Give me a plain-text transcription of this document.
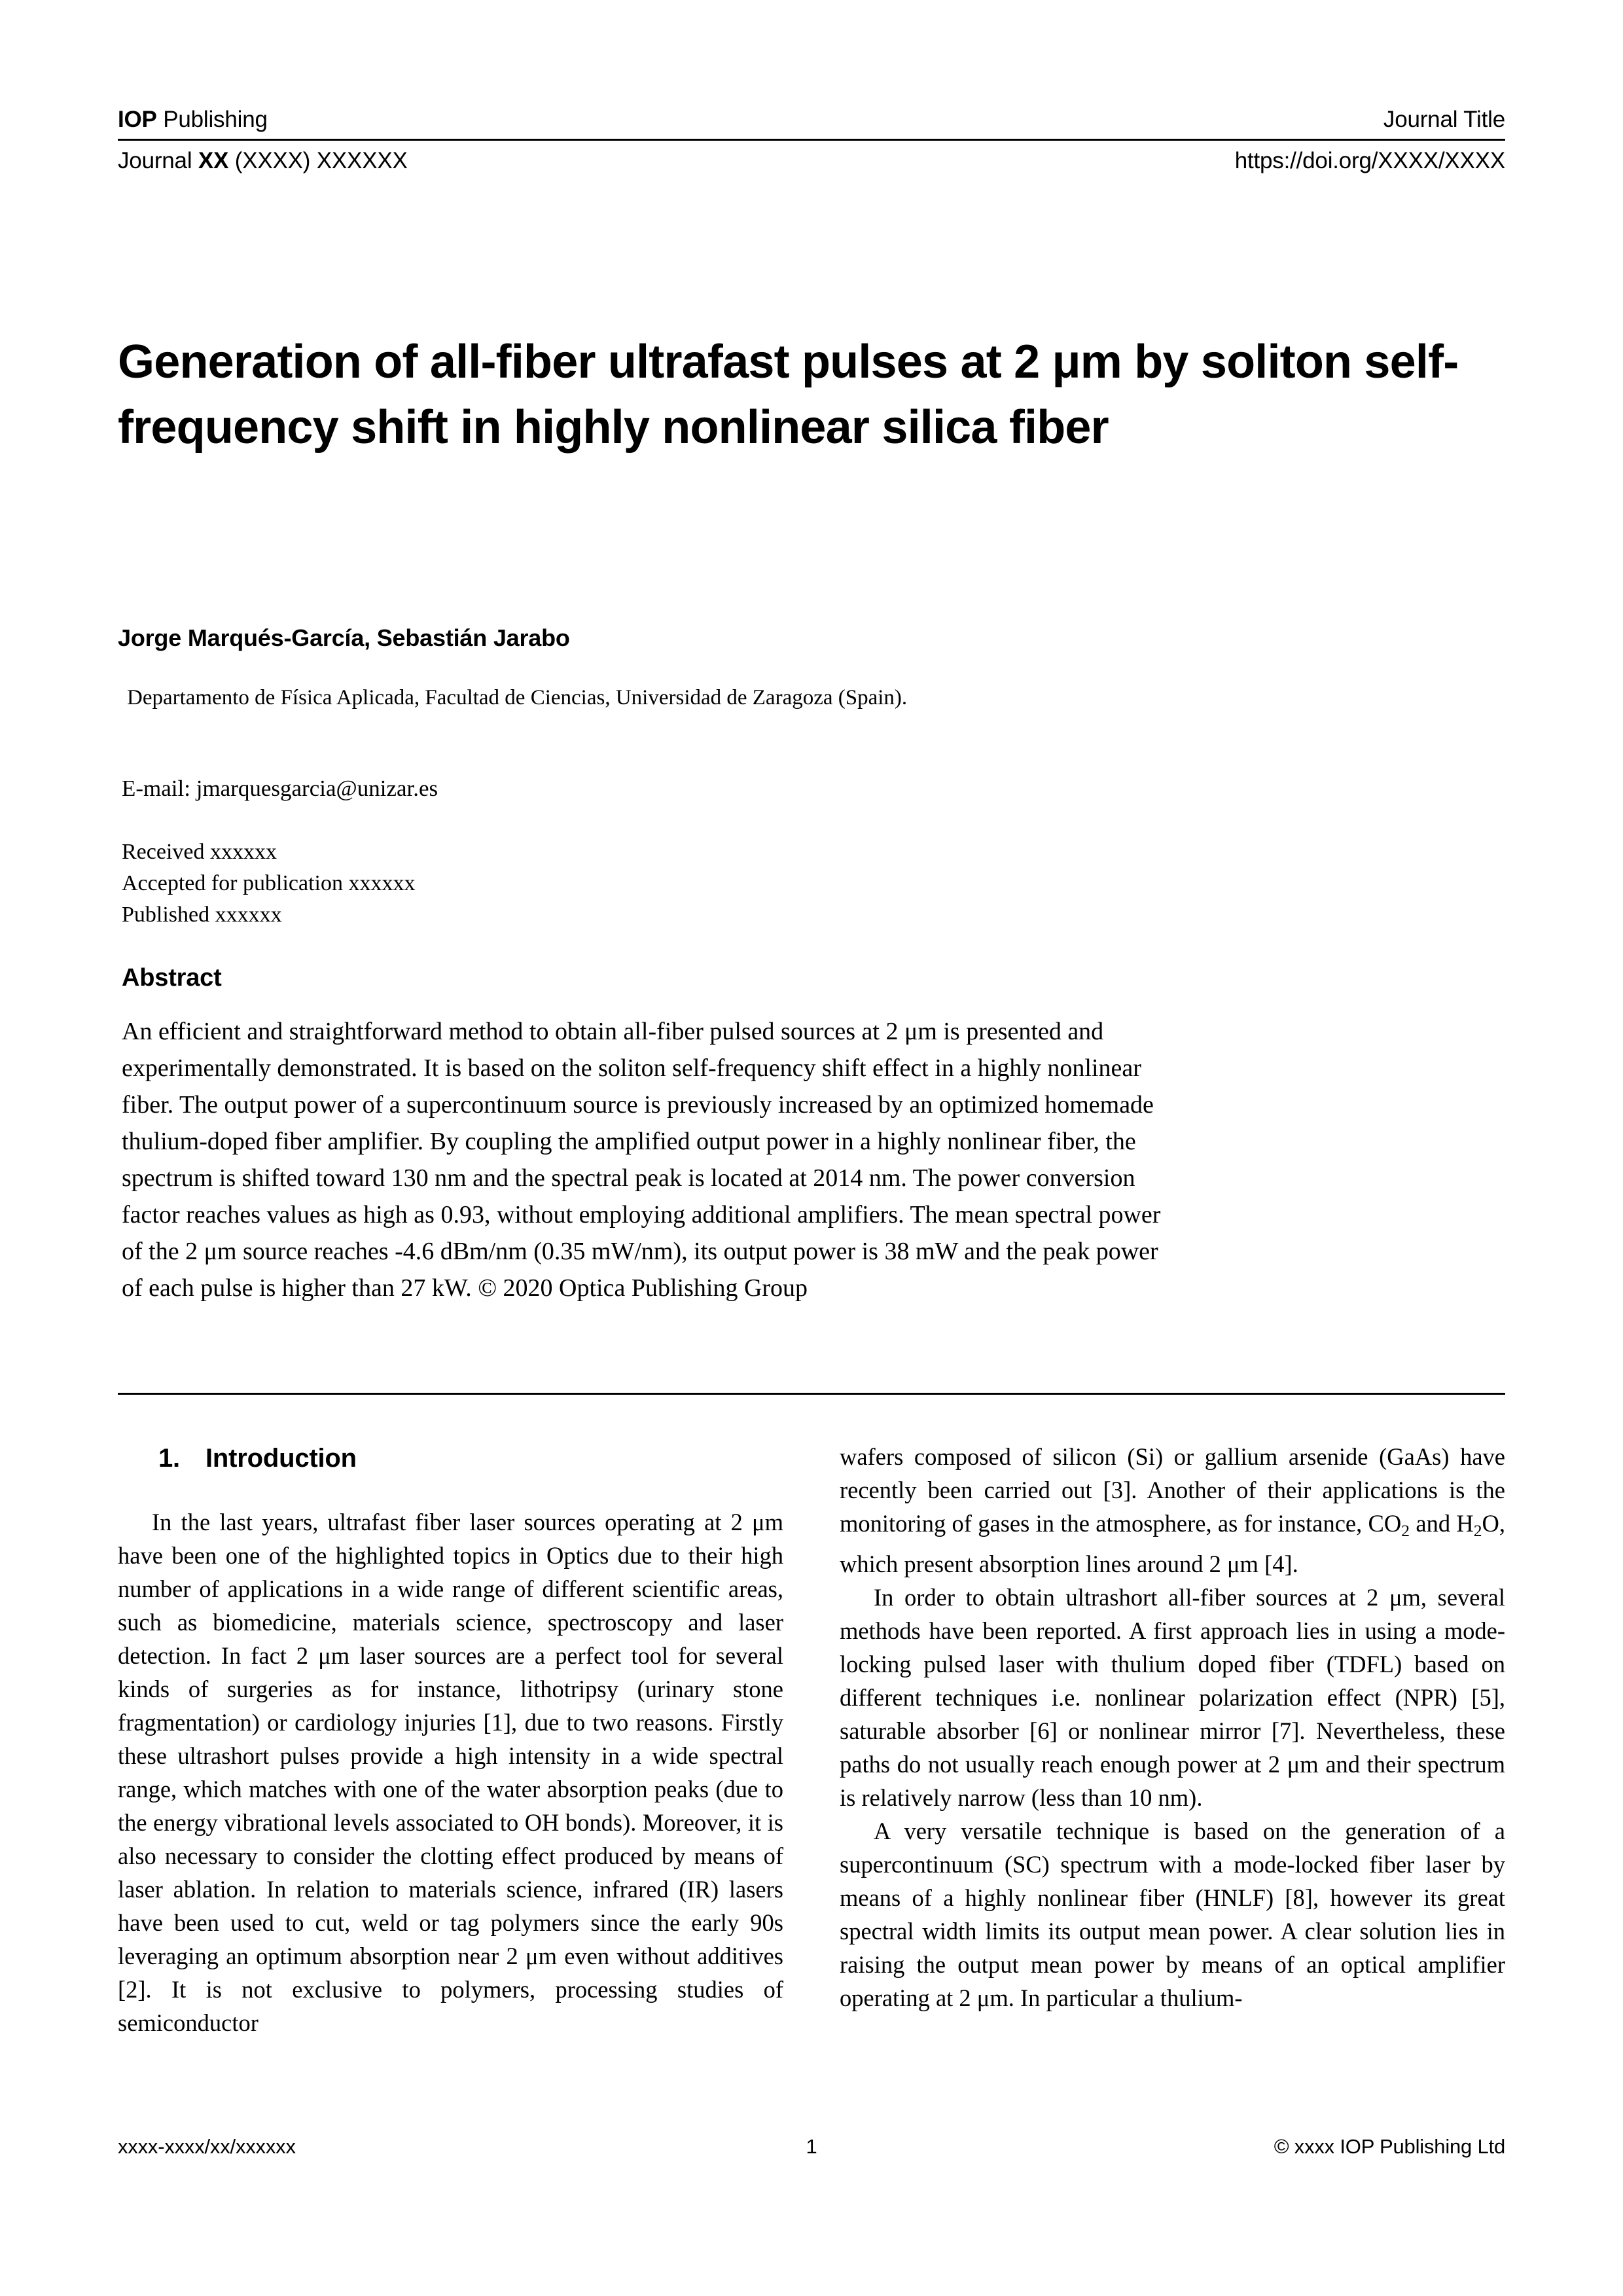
IOP Publishing	Journal Title
Journal XX (XXXX) XXXXXX	https://doi.org/XXXX/XXXX
Generation of all-fiber ultrafast pulses at 2 μm by soliton self-frequency shift in highly nonlinear silica fiber
Jorge Marqués-García, Sebastián Jarabo
Departamento de Física Aplicada, Facultad de Ciencias, Universidad de Zaragoza (Spain).
E-mail: jmarquesgarcia@unizar.es
Received xxxxxx
Accepted for publication xxxxxx
Published xxxxxx
Abstract
An efficient and straightforward method to obtain all-fiber pulsed sources at 2 μm is presented and experimentally demonstrated. It is based on the soliton self-frequency shift effect in a highly nonlinear fiber. The output power of a supercontinuum source is previously increased by an optimized homemade thulium-doped fiber amplifier. By coupling the amplified output power in a highly nonlinear fiber, the spectrum is shifted toward 130 nm and the spectral peak is located at 2014 nm. The power conversion factor reaches values as high as 0.93, without employing additional amplifiers. The mean spectral power of the 2 μm source reaches -4.6 dBm/nm (0.35 mW/nm), its output power is 38 mW and the peak power of each pulse is higher than 27 kW. © 2020 Optica Publishing Group
1. Introduction

In the last years, ultrafast fiber laser sources operating at 2 μm have been one of the highlighted topics in Optics due to their high number of applications in a wide range of different scientific areas, such as biomedicine, materials science, spectroscopy and laser detection. In fact 2 μm laser sources are a perfect tool for several kinds of surgeries as for instance, lithotripsy (urinary stone fragmentation) or cardiology injuries [1], due to two reasons. Firstly these ultrashort pulses provide a high intensity in a wide spectral range, which matches with one of the water absorption peaks (due to the energy vibrational levels associated to OH bonds). Moreover, it is also necessary to consider the clotting effect produced by means of laser ablation. In relation to materials science, infrared (IR) lasers have been used to cut, weld or tag polymers since the early 90s leveraging an optimum absorption near 2 μm even without additives [2]. It is not exclusive to polymers, processing studies of semiconductor

wafers composed of silicon (Si) or gallium arsenide (GaAs) have recently been carried out [3]. Another of their applications is the monitoring of gases in the atmosphere, as for instance, $CO_2$ and $H_2O$, which present absorption lines around 2 μm [4].

In order to obtain ultrashort all-fiber sources at 2 μm, several methods have been reported. A first approach lies in using a mode-locking pulsed laser with thulium doped fiber (TDFL) based on different techniques i.e. nonlinear polarization effect (NPR) [5], saturable absorber [6] or nonlinear mirror [7]. Nevertheless, these paths do not usually reach enough power at 2 μm and their spectrum is relatively narrow (less than 10 nm).

A very versatile technique is based on the generation of a supercontinuum (SC) spectrum with a mode-locked fiber laser by means of a highly nonlinear fiber (HNLF) [8], however its great spectral width limits its output mean power. A clear solution lies in raising the output mean power by means of an optical amplifier operating at 2 μm. In particular a thulium-

xxxx-xxxx/xx/xxxxxx	1	© xxxx IOP Publishing Ltd
